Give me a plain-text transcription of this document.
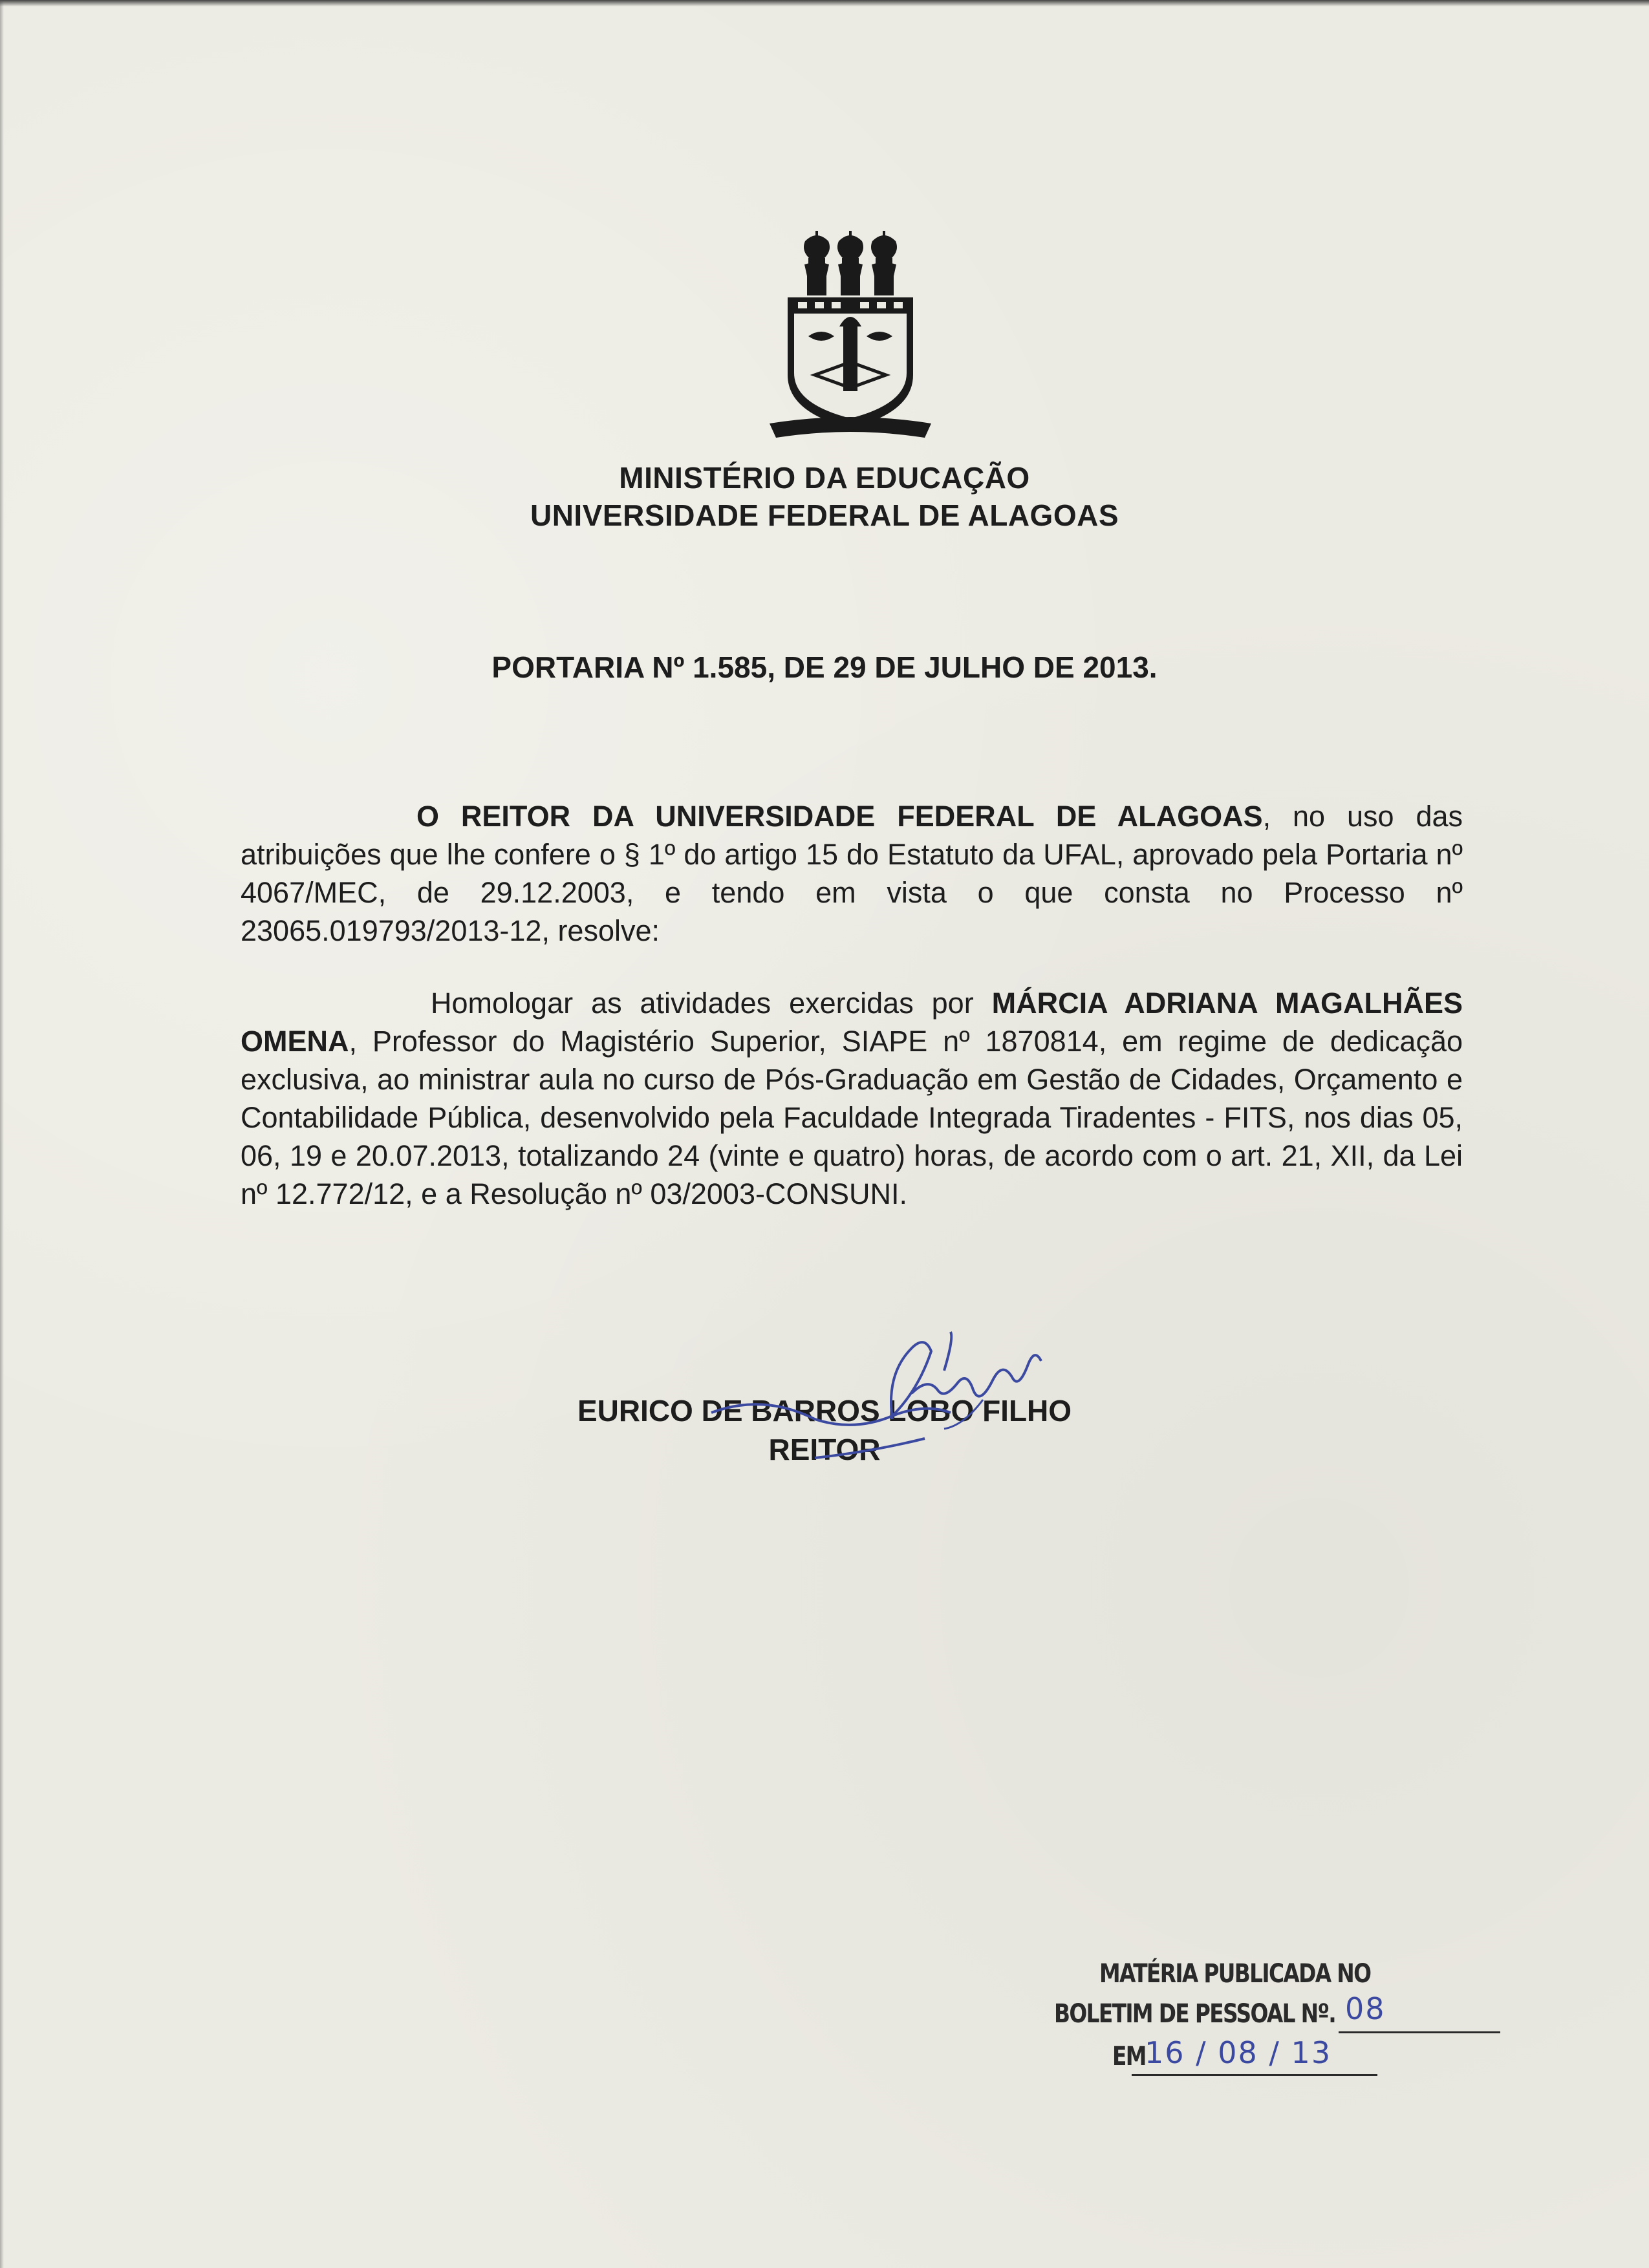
MINISTÉRIO DA EDUCAÇÃO
UNIVERSIDADE FEDERAL DE ALAGOAS
PORTARIA Nº 1.585, DE 29 DE JULHO DE 2013.

O REITOR DA UNIVERSIDADE FEDERAL DE ALAGOAS, no uso das atribuições que lhe confere o § 1º do artigo 15 do Estatuto da UFAL, aprovado pela Portaria nº 4067/MEC, de 29.12.2003, e tendo em vista o que consta no Processo nº 23065.019793/2013-12, resolve:

Homologar as atividades exercidas por MÁRCIA ADRIANA MAGALHÃES OMENA, Professor do Magistério Superior, SIAPE nº 1870814, em regime de dedicação exclusiva, ao ministrar aula no curso de Pós-Graduação em Gestão de Cidades, Orçamento e Contabilidade Pública, desenvolvido pela Faculdade Integrada Tiradentes - FITS, nos dias 05, 06, 19 e 20.07.2013, totalizando 24 (vinte e quatro) horas, de acordo com o art. 21, XII, da Lei nº 12.772/12, e a Resolução nº 03/2003-CONSUNI.

EURICO DE BARROS LOBO FILHO
REITOR
MATÉRIA PUBLICADA NO
BOLETIM DE PESSOAL Nº. 08
EM
16 / 08 / 13
